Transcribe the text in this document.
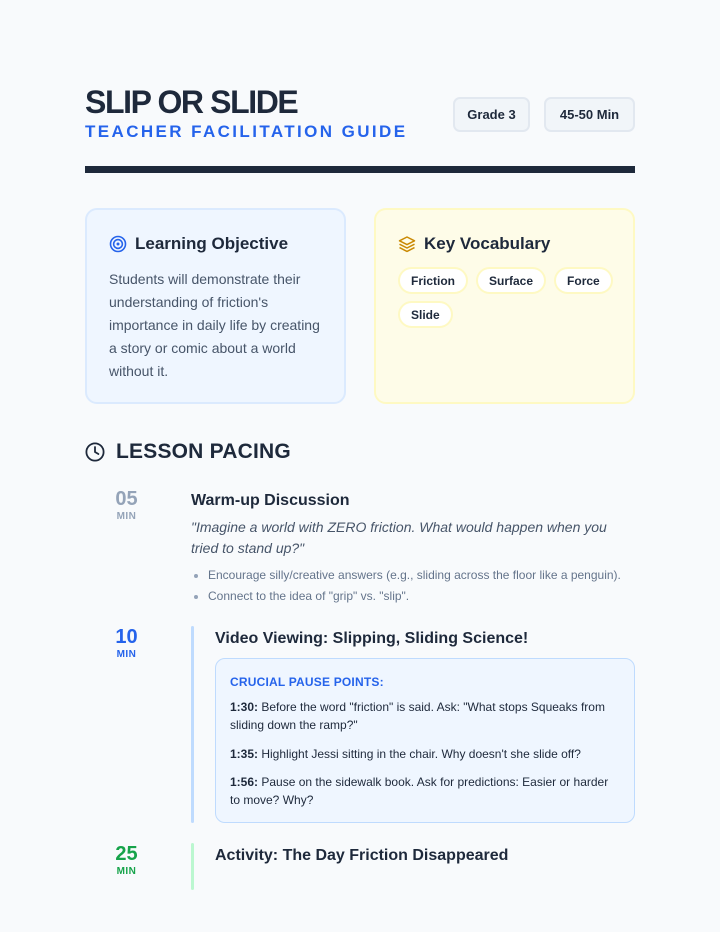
SLIP OR SLIDE
TEACHER FACILITATION GUIDE
Grade 3	45-50 Min
Learning Objective
Students will demonstrate their understanding of friction's importance in daily life by creating a story or comic about a world without it.
Key Vocabulary
Friction	Surface	Force
Slide
LESSON PACING
05
MIN
Warm-up Discussion
"Imagine a world with ZERO friction. What would happen when you tried to stand up?"
Encourage silly/creative answers (e.g., sliding across the floor like a penguin).
Connect to the idea of "grip" vs. "slip".
10
MIN
Video Viewing: Slipping, Sliding Science!
CRUCIAL PAUSE POINTS:
1:30: Before the word "friction" is said. Ask: "What stops Squeaks from sliding down the ramp?"
1:35: Highlight Jessi sitting in the chair. Why doesn't she slide off?
1:56: Pause on the sidewalk book. Ask for predictions: Easier or harder to move? Why?
25
MIN
Activity: The Day Friction Disappeared
